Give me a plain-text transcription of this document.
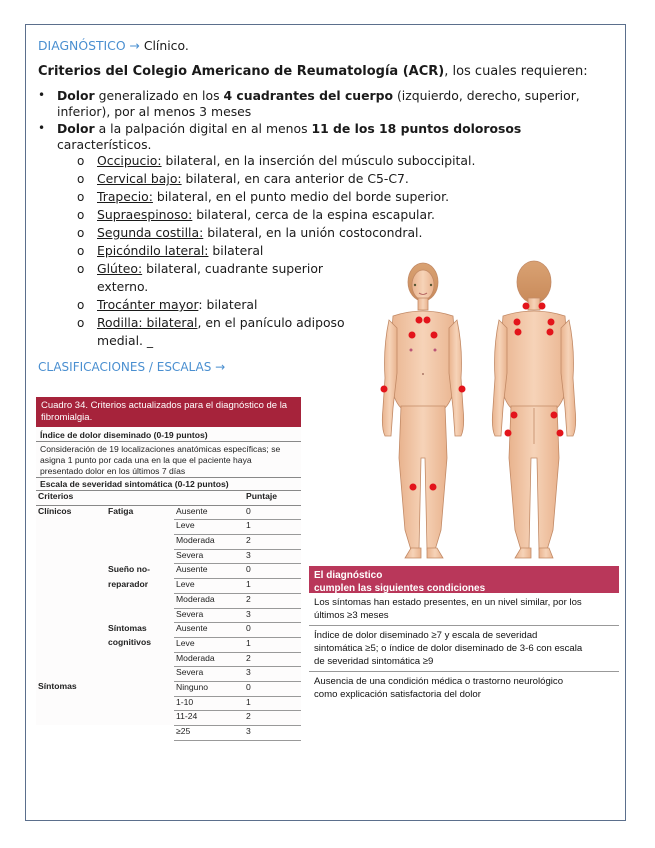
DIAGNÓSTICO → Clínico.
Criterios del Colegio Americano de Reumatología (ACR), los cuales requieren:
• Dolor generalizado en los 4 cuadrantes del cuerpo (izquierdo, derecho, superior,
inferior), por al menos 3 meses
• Dolor a la palpación digital en al menos 11 de los 18 puntos dolorosos
característicos.
o Occipucio: bilateral, en la inserción del músculo suboccipital.
o Cervical bajo: bilateral, en cara anterior de C5-C7.
o Trapecio: bilateral, en el punto medio del borde superior.
o Supraespinoso: bilateral, cerca de la espina escapular.
o Segunda costilla: bilateral, en la unión costocondral.
o Epicóndilo lateral: bilateral
o Glúteo: bilateral, cuadrante superior
externo.
o Trocánter mayor: bilateral
o Rodilla: bilateral, en el panículo adiposo
medial. _
CLASIFICACIONES / ESCALAS →
Cuadro 34. Criterios actualizados para el diagnóstico de la fibromialgia.
Índice de dolor diseminado (0-19 puntos)
Consideración de 19 localizaciones anatómicas específicas; se
asigna 1 punto por cada una en la que el paciente haya
presentado dolor en los últimos 7 días
Escala de severidad sintomática (0-12 puntos)
Criterios			Puntaje
Clínicos	Fatiga	Ausente	0
		Leve	1
		Moderada	2
		Severa	3
	Sueño no-	Ausente	0
	reparador	Leve	1
		Moderada	2
		Severa	3
	Síntomas	Ausente	0
	cognitivos	Leve	1
		Moderada	2
		Severa	3
Síntomas		Ninguno	0
		1-10	1
		11-24	2
		≥25	3
El diagnóstico
cumplen las siguientes condiciones
Los síntomas han estado presentes, en un nivel similar, por los
últimos ≥3 meses
Índice de dolor diseminado ≥7 y escala de severidad
sintomática ≥5; o índice de dolor diseminado de 3-6 con escala
de severidad sintomática ≥9
Ausencia de una condición médica o trastorno neurológico
como explicación satisfactoria del dolor
